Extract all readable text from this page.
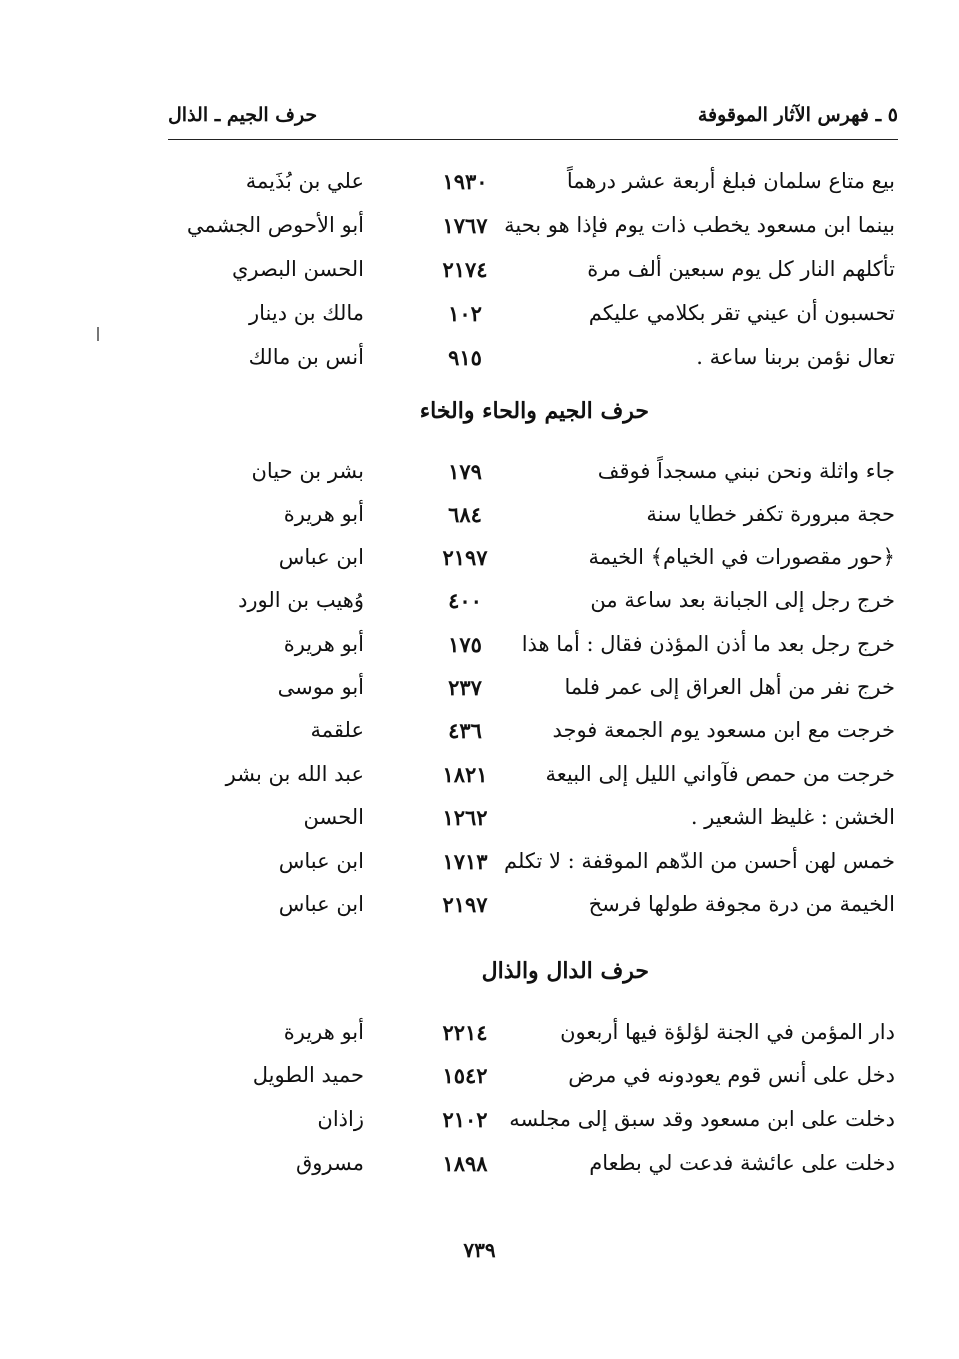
٥ ـ فهرس الآثار الموقوفة
حرف الجيم ـ الذال
بيع متاع سلمان فبلغ أربعة عشر درهماً
١٩٣٠
علي بن بُذَيمة
بينما ابن مسعود يخطب ذات يوم فإذا هو بحية
١٧٦٧
أبو الأحوص الجشمي
تأكلهم النار كل يوم سبعين ألف مرة
٢١٧٤
الحسن البصري
تحسبون أن عيني تقر بكلامي عليكم
١٠٢
مالك بن دينار
تعال نؤمن بربنا ساعة .
٩١٥
أنس بن مالك
حرف الجيم والحاء والخاء
جاء واثلة ونحن نبني مسجداً فوقف
١٧٩
بشر بن حيان
حجة مبرورة تكفر خطايا سنة
٦٨٤
أبو هريرة
﴿حور مقصورات في الخيام﴾ الخيمة
٢١٩٧
ابن عباس
خرج رجل إلى الجبانة بعد ساعة من
٤٠٠
وُهيب بن الورد
خرج رجل بعد ما أذن المؤذن فقال : أما هذا
١٧٥
أبو هريرة
خرج نفر من أهل العراق إلى عمر فلما
٢٣٧
أبو موسى
خرجت مع ابن مسعود يوم الجمعة فوجد
٤٣٦
علقمة
خرجت من حمص فآواني الليل إلى البيعة
١٨٢١
عبد الله بن بشر
الخشن : غليظ الشعير .
١٢٦٢
الحسن
خمس لهن أحسن من الدّهم الموقفة : لا تكلم
١٧١٣
ابن عباس
الخيمة من درة مجوفة طولها فرسخ
٢١٩٧
ابن عباس
حرف الدال والذال
دار المؤمن في الجنة لؤلؤة فيها أربعون
٢٢١٤
أبو هريرة
دخل على أنس قوم يعودونه في مرض
١٥٤٢
حميد الطويل
دخلت على ابن مسعود وقد سبق إلى مجلسه
٢١٠٢
زاذان
دخلت على عائشة فدعت لي بطعام
١٨٩٨
مسروق
٧٣٩
